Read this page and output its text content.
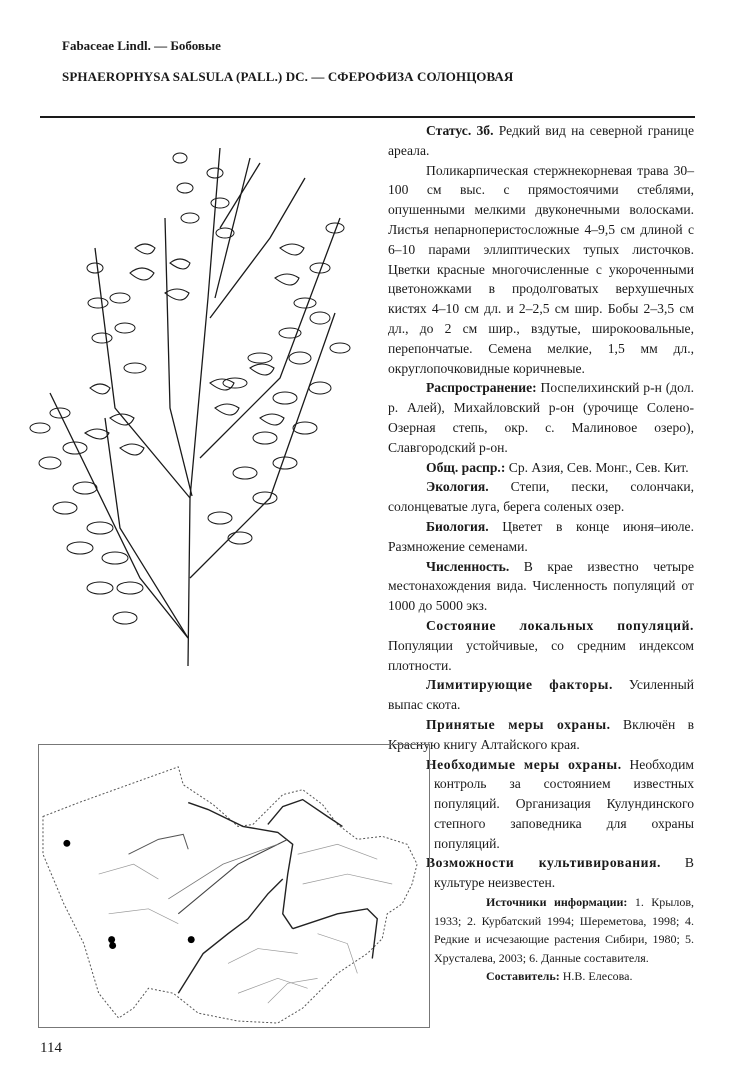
Fabaceae Lindl. — Бобовые
SPHAEROPHYSA SALSULA (PALL.) DC. — СФЕРОФИЗА СОЛОНЦОВАЯ

Статус. 3б. Редкий вид на северной границе ареала.

Поликарпическая стержнекорневая трава 30–100 см выс. с прямостоячими стеблями, опушенными мелкими двуконечными волосками. Листья непарноперистосложные 4–9,5 см длиной с 6–10 парами эллиптических тупых листочков. Цветки красные многочисленные с укороченными цветоножками в продолговатых верхушечных кистях 4–10 см дл. и 2–2,5 см шир. Бобы 2–3,5 см дл., до 2 см шир., вздутые, широкоовальные, перепончатые. Семена мелкие, 1,5 мм дл., округлопочковидные коричневые.

Распространение: Поспелихинский р-н (дол. р. Алей), Михайловский р-он (урочище Солено-Озерная степь, окр. с. Малиновое озеро), Славгородский р-он.

Общ. распр.: Ср. Азия, Сев. Монг., Сев. Кит.

Экология. Степи, пески, солончаки, солонцеватые луга, берега соленых озер.

Биология. Цветет в конце июня–июле. Размножение семенами.

Численность. В крае известно четыре местонахождения вида. Численность популяций от 1000 до 5000 экз.

Состояние локальных популяций. Популяции устойчивые, со средним индексом плотности.

Лимитирующие факторы. Усиленный выпас скота.

Принятые меры охраны. Включён в Красную книгу Алтайского края.

Необходимые меры охраны. Необходим контроль за состоянием известных популяций. Организация Кулундинского степного заповедника для охраны популяций.

Возможности культивирования. В культуре неизвестен.

Источники информации: 1. Крылов, 1933; 2. Курбатский 1994; Шереметова, 1998; 4. Редкие и исчезающие растения Сибири, 1980; 5. Хрусталева, 2003; 6. Данные составителя.

Составитель: Н.В. Елесова.

114
